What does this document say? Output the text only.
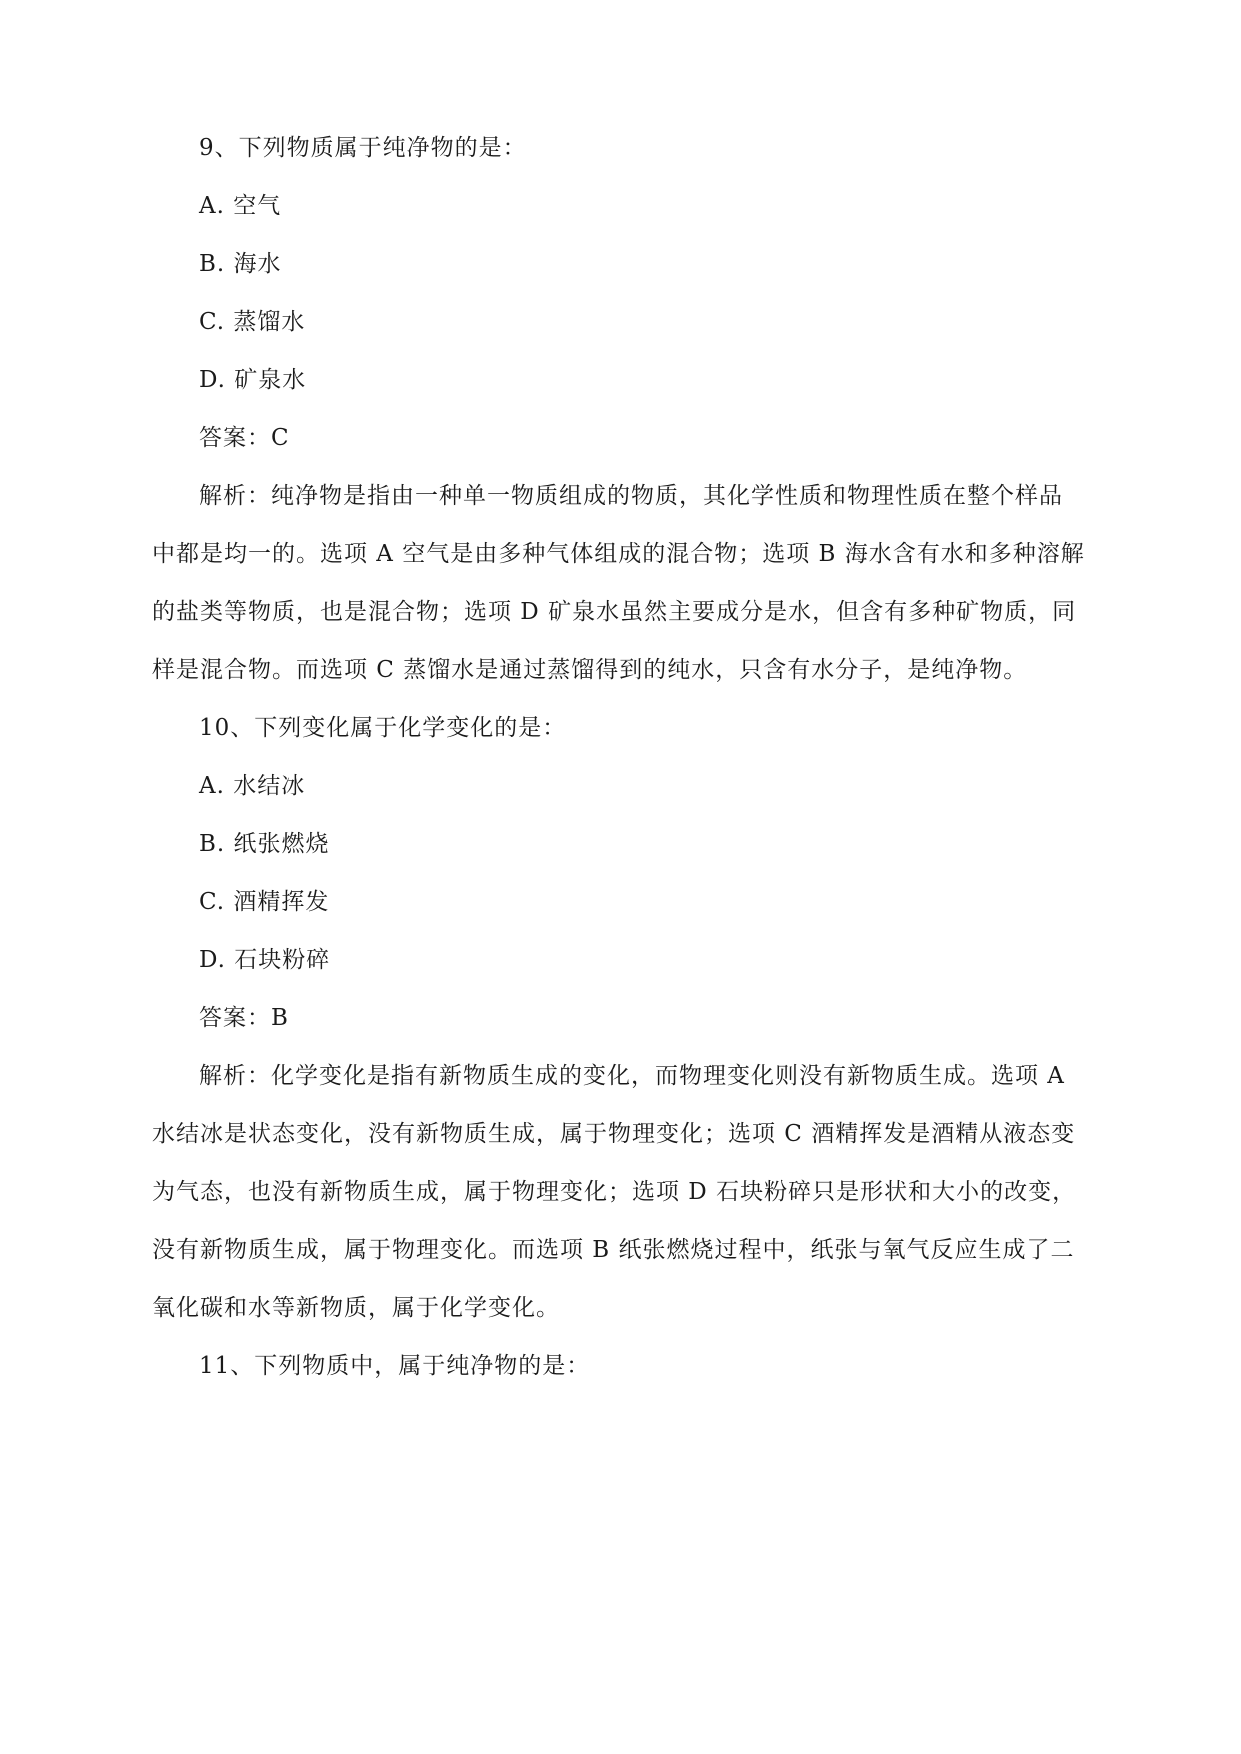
9、下列物质属于纯净物的是：
A. 空气
B. 海水
C. 蒸馏水
D. 矿泉水
答案：C
解析：纯净物是指由一种单一物质组成的物质，其化学性质和物理性质在整个样品
中都是均一的。选项 A 空气是由多种气体组成的混合物；选项 B 海水含有水和多种溶解
的盐类等物质，也是混合物；选项 D 矿泉水虽然主要成分是水，但含有多种矿物质，同
样是混合物。而选项 C 蒸馏水是通过蒸馏得到的纯水，只含有水分子，是纯净物。
10、下列变化属于化学变化的是：
A. 水结冰
B. 纸张燃烧
C. 酒精挥发
D. 石块粉碎
答案：B
解析：化学变化是指有新物质生成的变化，而物理变化则没有新物质生成。选项 A
水结冰是状态变化，没有新物质生成，属于物理变化；选项 C 酒精挥发是酒精从液态变
为气态，也没有新物质生成，属于物理变化；选项 D 石块粉碎只是形状和大小的改变，
没有新物质生成，属于物理变化。而选项 B 纸张燃烧过程中，纸张与氧气反应生成了二
氧化碳和水等新物质，属于化学变化。
11、下列物质中，属于纯净物的是：
